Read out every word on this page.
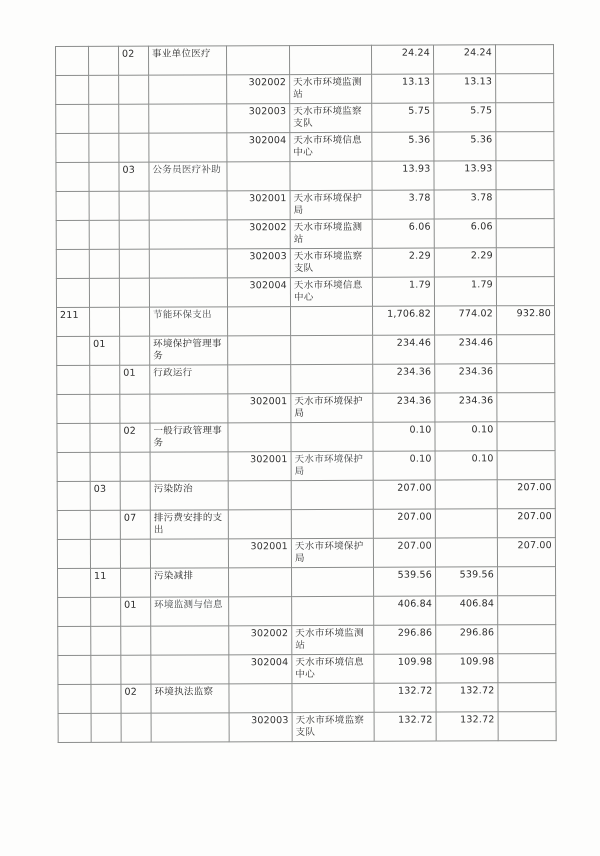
		02	事业单位医疗			24.24	24.24	
				302002	天水市环境监测站	13.13	13.13	
				302003	天水市环境监察支队	5.75	5.75	
				302004	天水市环境信息中心	5.36	5.36	
		03	公务员医疗补助			13.93	13.93	
				302001	天水市环境保护局	3.78	3.78	
				302002	天水市环境监测站	6.06	6.06	
				302003	天水市环境监察支队	2.29	2.29	
				302004	天水市环境信息中心	1.79	1.79	
211			节能环保支出			1,706.82	774.02	932.80
	01		环境保护管理事务			234.46	234.46	
		01	行政运行			234.36	234.36	
				302001	天水市环境保护局	234.36	234.36	
		02	一般行政管理事务			0.10	0.10	
				302001	天水市环境保护局	0.10	0.10	
	03		污染防治			207.00		207.00
		07	排污费安排的支出			207.00		207.00
				302001	天水市环境保护局	207.00		207.00
	11		污染减排			539.56	539.56	
		01	环境监测与信息			406.84	406.84	
				302002	天水市环境监测站	296.86	296.86	
				302004	天水市环境信息中心	109.98	109.98	
		02	环境执法监察			132.72	132.72	
				302003	天水市环境监察支队	132.72	132.72	
